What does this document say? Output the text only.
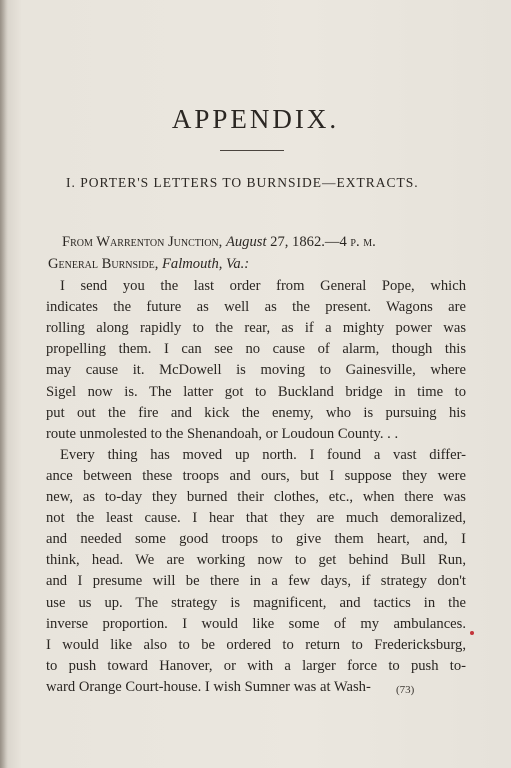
APPENDIX.
I. PORTER'S LETTERS TO BURNSIDE—EXTRACTS.
From Warrenton Junction, August 27, 1862.—4 p. m.
General Burnside, Falmouth, Va.:
I send you the last order from General Pope, which
indicates the future as well as the present. Wagons are
rolling along rapidly to the rear, as if a mighty power was
propelling them. I can see no cause of alarm, though this
may cause it. McDowell is moving to Gainesville, where
Sigel now is. The latter got to Buckland bridge in time to
put out the fire and kick the enemy, who is pursuing his
route unmolested to the Shenandoah, or Loudoun County. . .
Every thing has moved up north. I found a vast differ-
ance between these troops and ours, but I suppose they were
new, as to-day they burned their clothes, etc., when there was
not the least cause. I hear that they are much demoralized,
and needed some good troops to give them heart, and, I
think, head. We are working now to get behind Bull Run,
and I presume will be there in a few days, if strategy don't
use us up. The strategy is magnificent, and tactics in the
inverse proportion. I would like some of my ambulances.
I would like also to be ordered to return to Fredericksburg,
to push toward Hanover, or with a larger force to push to-
ward Orange Court-house. I wish Sumner was at Wash- (73)
